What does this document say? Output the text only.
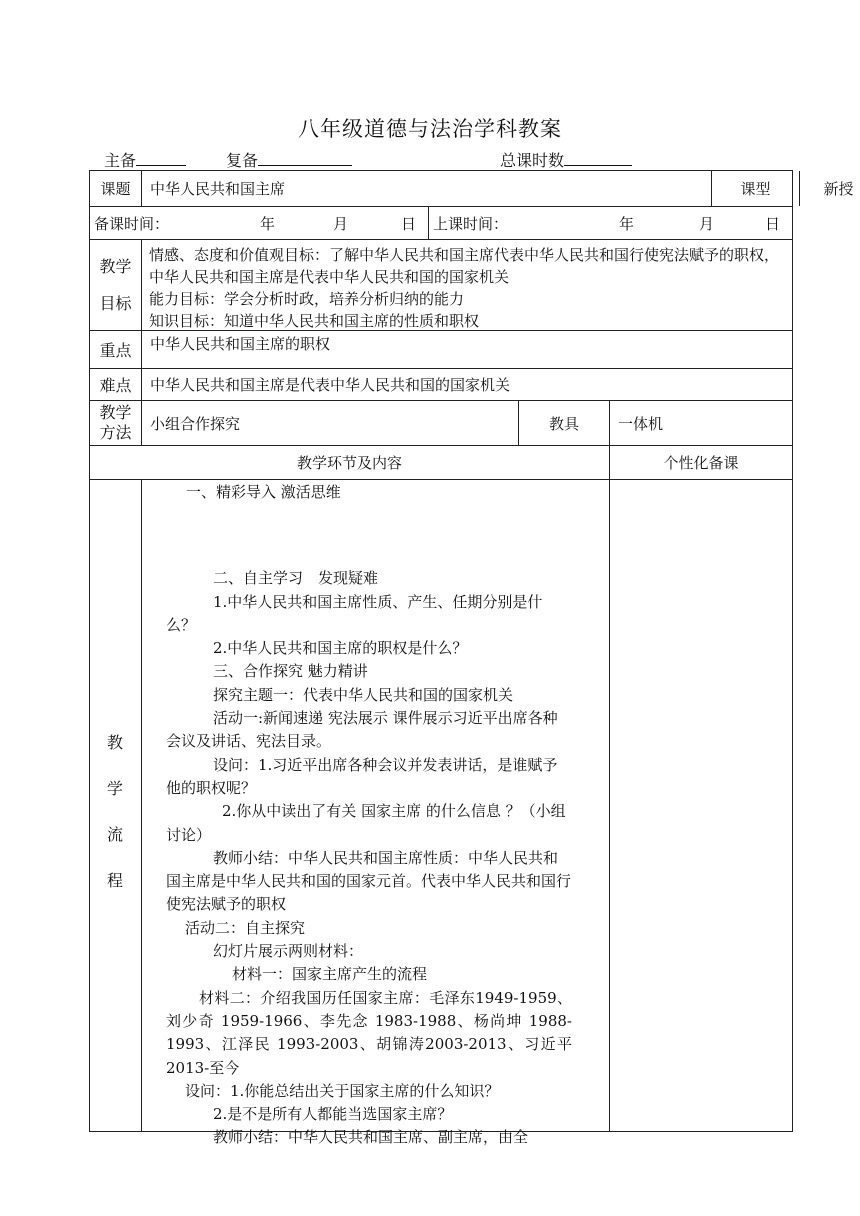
八年级道德与法治学科教案
主备	复备	总课时数
课题	中华人民共和国主席	课型	新授
备课时间：	年	月	日 上课时间：	年	月	日
教学
目标
情感、态度和价值观目标：了解中华人民共和国主席代表中华人民共和国行使宪法赋予的职权，中华人民共和国主席是代表中华人民共和国的国家机关
能力目标：学会分析时政，培养分析归纳的能力
知识目标：知道中华人民共和国主席的性质和职权
重点	中华人民共和国主席的职权
难点	中华人民共和国主席是代表中华人民共和国的国家机关
教学
方法	小组合作探究	教具	一体机
教学环节及内容	个性化备课
教
学
流
程

一、精彩导入 激活思维

二、自主学习　发现疑难

1.中华人民共和国主席性质、产生、任期分别是什么？

2.中华人民共和国主席的职权是什么？

三、合作探究 魅力精讲

探究主题一：代表中华人民共和国的国家机关

活动一:新闻速递 宪法展示 课件展示习近平出席各种会议及讲话、宪法目录。

设问：1.习近平出席各种会议并发表讲话，是谁赋予他的职权呢？

2.你从中读出了有关 国家主席 的什么信息 ？（小组讨论）

教师小结：中华人民共和国主席性质：中华人民共和国主席是中华人民共和国的国家元首。代表中华人民共和国行使宪法赋予的职权

活动二：自主探究

幻灯片展示两则材料：

材料一：国家主席产生的流程

材料二：介绍我国历任国家主席：毛泽东1949-1959、刘少奇 1959-1966、李先念 1983-1988、杨尚坤 1988-1993、江泽民 1993-2003、胡锦涛2003-2013、习近平 2013-至今

设问：1.你能总结出关于国家主席的什么知识？

2.是不是所有人都能当选国家主席？

教师小结：中华人民共和国主席、副主席，由全
